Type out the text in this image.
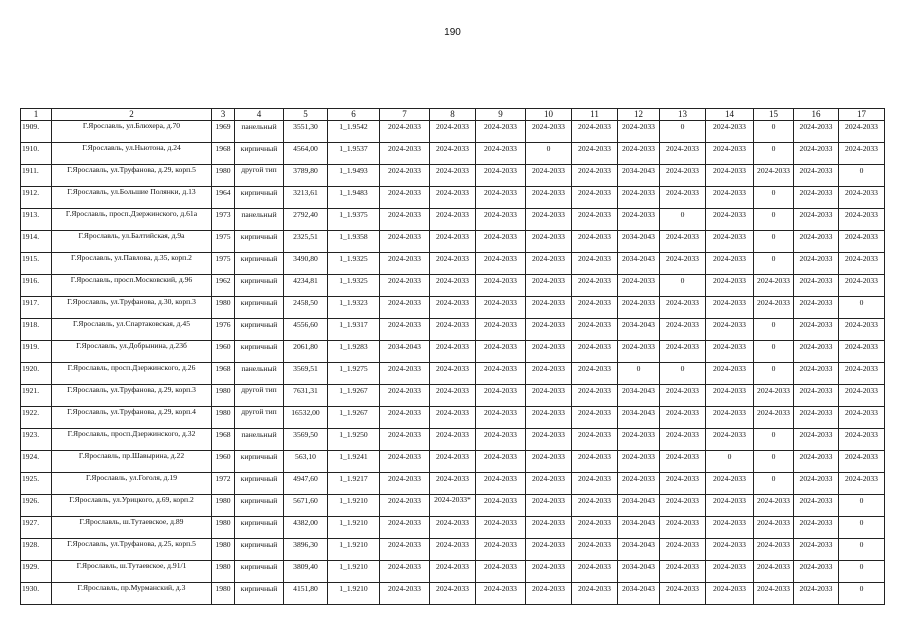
190
1	2	3	4	5	6	7	8	9	10	11	12	13	14	15	16	17
1909.	Г.Ярославль, ул.Блюхера, д.70	1969	панельный	3551,30	1_1.9542	2024-2033	2024-2033	2024-2033	2024-2033	2024-2033	2024-2033	0	2024-2033	0	2024-2033	2024-2033
1910.	Г.Ярославль, ул.Ньютона, д.24	1968	кирпичный	4564,00	1_1.9537	2024-2033	2024-2033	2024-2033	0	2024-2033	2024-2033	2024-2033	2024-2033	0	2024-2033	2024-2033
1911.	Г.Ярославль, ул.Труфанова, д.29, корп.5	1980	другой тип	3789,80	1_1.9493	2024-2033	2024-2033	2024-2033	2024-2033	2024-2033	2034-2043	2024-2033	2024-2033	2024-2033	2024-2033	0
1912.	Г.Ярославль, ул.Большие Полянки, д.13	1964	кирпичный	3213,61	1_1.9483	2024-2033	2024-2033	2024-2033	2024-2033	2024-2033	2024-2033	2024-2033	2024-2033	0	2024-2033	2024-2033
1913.	Г.Ярославль, просп.Дзержинского, д.61а	1973	панельный	2792,40	1_1.9375	2024-2033	2024-2033	2024-2033	2024-2033	2024-2033	2024-2033	0	2024-2033	0	2024-2033	2024-2033
1914.	Г.Ярославль, ул.Балтийская, д.9а	1975	кирпичный	2325,51	1_1.9358	2024-2033	2024-2033	2024-2033	2024-2033	2024-2033	2034-2043	2024-2033	2024-2033	0	2024-2033	2024-2033
1915.	Г.Ярославль, ул.Павлова, д.35, корп.2	1975	кирпичный	3490,80	1_1.9325	2024-2033	2024-2033	2024-2033	2024-2033	2024-2033	2034-2043	2024-2033	2024-2033	0	2024-2033	2024-2033
1916.	Г.Ярославль, просп.Московский, д.96	1962	кирпичный	4234,81	1_1.9325	2024-2033	2024-2033	2024-2033	2024-2033	2024-2033	2024-2033	0	2024-2033	2024-2033	2024-2033	2024-2033
1917.	Г.Ярославль, ул.Труфанова, д.30, корп.3	1980	кирпичный	2458,50	1_1.9323	2024-2033	2024-2033	2024-2033	2024-2033	2024-2033	2024-2033	2024-2033	2024-2033	2024-2033	2024-2033	0
1918.	Г.Ярославль, ул.Спартаковская, д.45	1976	кирпичный	4556,60	1_1.9317	2024-2033	2024-2033	2024-2033	2024-2033	2024-2033	2034-2043	2024-2033	2024-2033	0	2024-2033	2024-2033
1919.	Г.Ярославль, ул.Добрынина, д.23б	1960	кирпичный	2061,80	1_1.9283	2034-2043	2024-2033	2024-2033	2024-2033	2024-2033	2024-2033	2024-2033	2024-2033	0	2024-2033	2024-2033
1920.	Г.Ярославль, просп.Дзержинского, д.26	1968	панельный	3569,51	1_1.9275	2024-2033	2024-2033	2024-2033	2024-2033	2024-2033	0	0	2024-2033	0	2024-2033	2024-2033
1921.	Г.Ярославль, ул.Труфанова, д.29, корп.3	1980	другой тип	7631,31	1_1.9267	2024-2033	2024-2033	2024-2033	2024-2033	2024-2033	2034-2043	2024-2033	2024-2033	2024-2033	2024-2033	2024-2033
1922.	Г.Ярославль, ул.Труфанова, д.29, корп.4	1980	другой тип	16532,00	1_1.9267	2024-2033	2024-2033	2024-2033	2024-2033	2024-2033	2034-2043	2024-2033	2024-2033	2024-2033	2024-2033	2024-2033
1923.	Г.Ярославль, просп.Дзержинского, д.32	1968	панельный	3569,50	1_1.9250	2024-2033	2024-2033	2024-2033	2024-2033	2024-2033	2024-2033	2024-2033	2024-2033	0	2024-2033	2024-2033
1924.	Г.Ярославль, пр.Шавырина, д.22	1960	кирпичный	563,10	1_1.9241	2024-2033	2024-2033	2024-2033	2024-2033	2024-2033	2024-2033	2024-2033	0	0	2024-2033	2024-2033
1925.	Г.Ярославль, ул.Гоголя, д.19	1972	кирпичный	4947,60	1_1.9217	2024-2033	2024-2033	2024-2033	2024-2033	2024-2033	2024-2033	2024-2033	2024-2033	0	2024-2033	2024-2033
1926.	Г.Ярославль, ул.Урицкого, д.69, корп.2	1980	кирпичный	5671,60	1_1.9210	2024-2033	2024-2033*	2024-2033	2024-2033	2024-2033	2034-2043	2024-2033	2024-2033	2024-2033	2024-2033	0
1927.	Г.Ярославль, ш.Тутаевское, д.89	1980	кирпичный	4382,00	1_1.9210	2024-2033	2024-2033	2024-2033	2024-2033	2024-2033	2034-2043	2024-2033	2024-2033	2024-2033	2024-2033	0
1928.	Г.Ярославль, ул.Труфанова, д.25, корп.5	1980	кирпичный	3896,30	1_1.9210	2024-2033	2024-2033	2024-2033	2024-2033	2024-2033	2034-2043	2024-2033	2024-2033	2024-2033	2024-2033	0
1929.	Г.Ярославль, ш.Тутаевское, д.91/1	1980	кирпичный	3809,40	1_1.9210	2024-2033	2024-2033	2024-2033	2024-2033	2024-2033	2034-2043	2024-2033	2024-2033	2024-2033	2024-2033	0
1930.	Г.Ярославль, пр.Мурманский, д.3	1980	кирпичный	4151,80	1_1.9210	2024-2033	2024-2033	2024-2033	2024-2033	2024-2033	2034-2043	2024-2033	2024-2033	2024-2033	2024-2033	0
